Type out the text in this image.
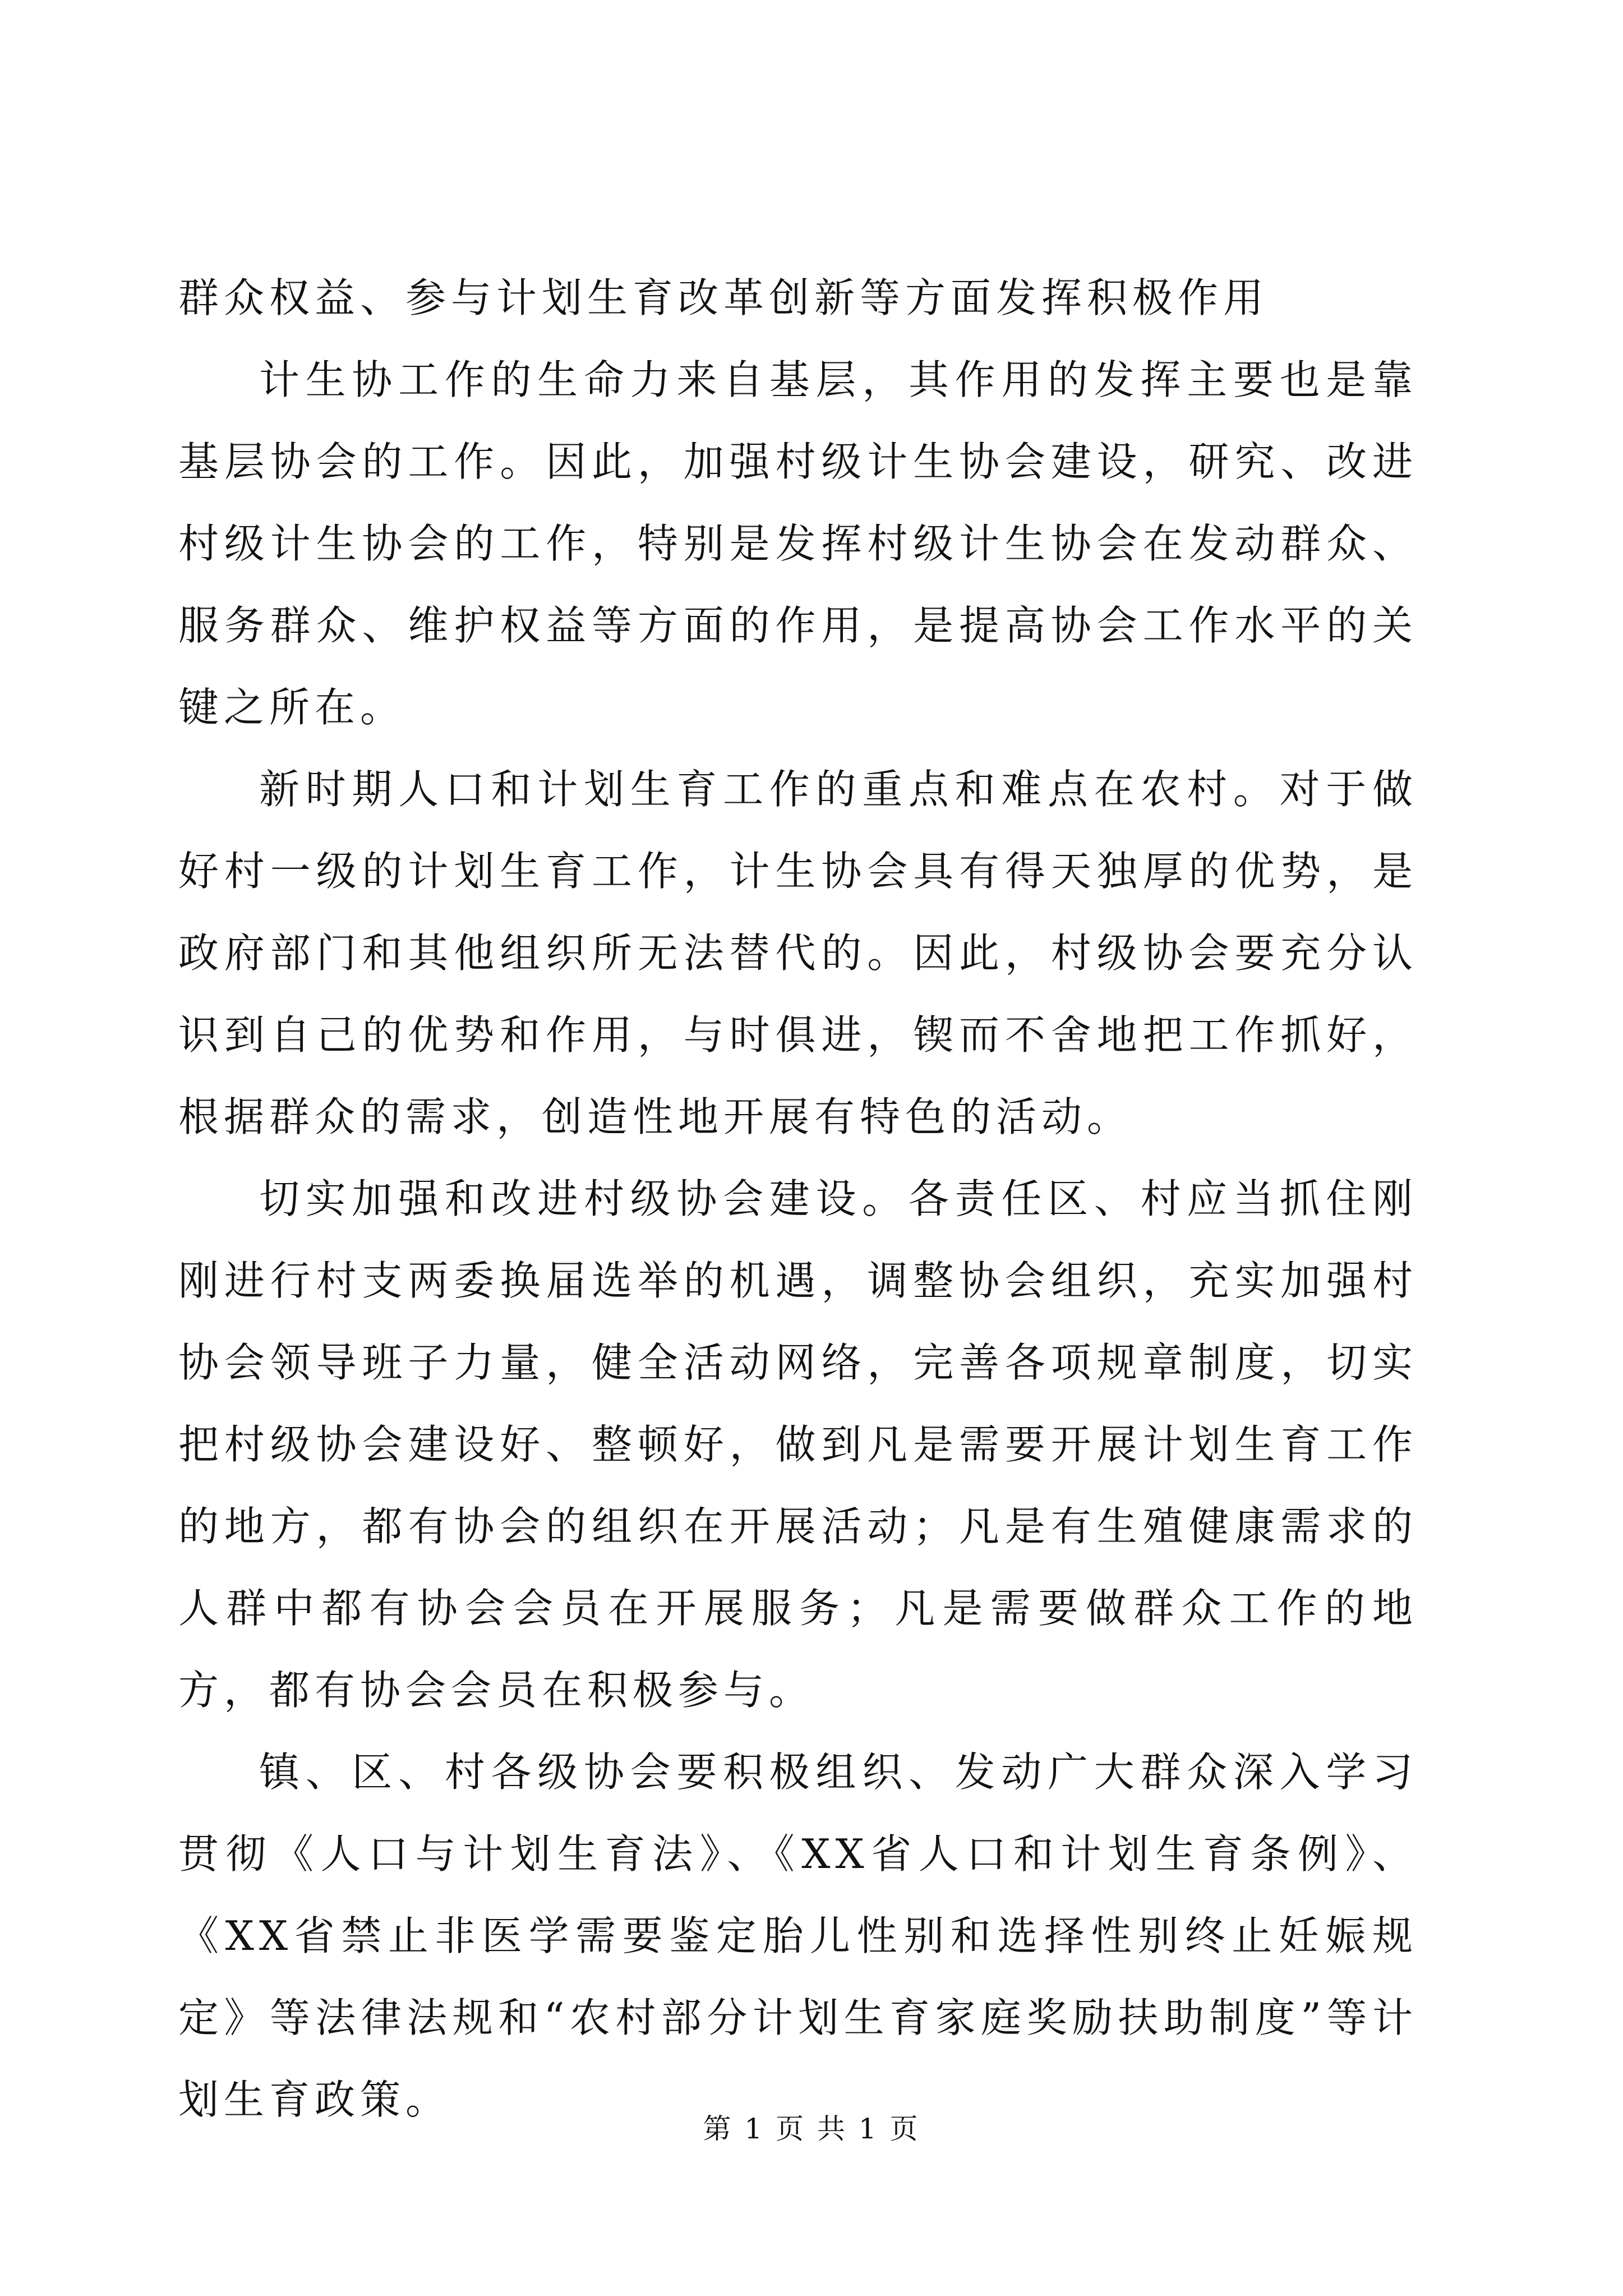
群众权益、参与计划生育改革创新等方面发挥积极作用

计生协工作的生命力来自基层，其作用的发挥主要也是靠基层协会的工作。因此，加强村级计生协会建设，研究、改进村级计生协会的工作，特别是发挥村级计生协会在发动群众、服务群众、维护权益等方面的作用，是提高协会工作水平的关键之所在。

新时期人口和计划生育工作的重点和难点在农村。对于做好村一级的计划生育工作，计生协会具有得天独厚的优势，是政府部门和其他组织所无法替代的。因此，村级协会要充分认识到自己的优势和作用，与时俱进，锲而不舍地把工作抓好，根据群众的需求，创造性地开展有特色的活动。

切实加强和改进村级协会建设。各责任区、村应当抓住刚刚进行村支两委换届选举的机遇，调整协会组织，充实加强村协会领导班子力量，健全活动网络，完善各项规章制度，切实把村级协会建设好、整顿好，做到凡是需要开展计划生育工作的地方，都有协会的组织在开展活动；凡是有生殖健康需求的人群中都有协会会员在开展服务；凡是需要做群众工作的地方，都有协会会员在积极参与。

镇、区、村各级协会要积极组织、发动广大群众深入学习贯彻《人口与计划生育法》、《XX省人口和计划生育条例》、《XX省禁止非医学需要鉴定胎儿性别和选择性别终止妊娠规定》等法律法规和“农村部分计划生育家庭奖励扶助制度”等计划生育政策。

第 1 页 共 1 页
